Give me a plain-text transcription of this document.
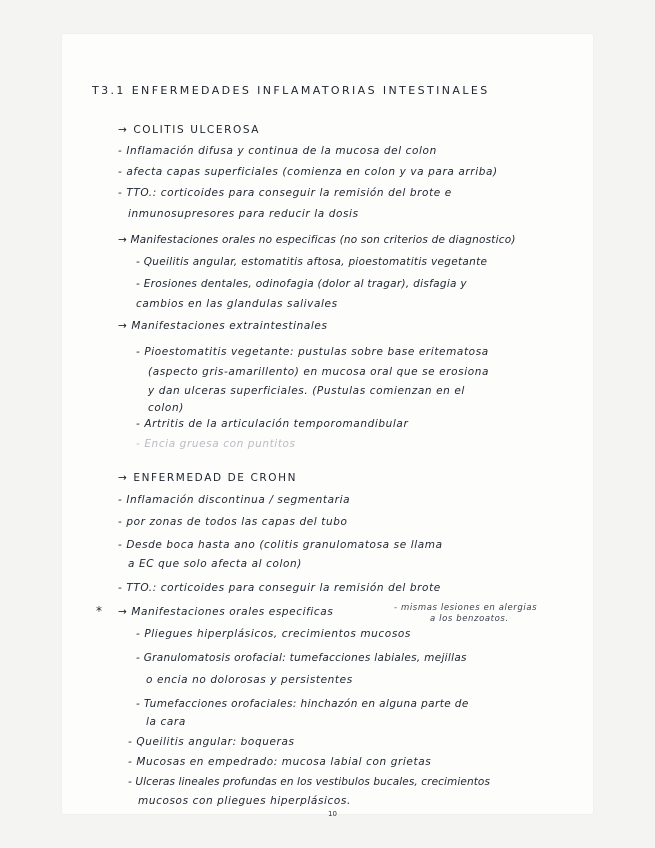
T3.1 ENFERMEDADES INFLAMATORIAS INTESTINALES
→ COLITIS ULCEROSA
- Inflamación difusa y continua de la mucosa del colon
- afecta capas superficiales (comienza en colon y va para arriba)
- TTO.: corticoides para conseguir la remisión del brote e
inmunosupresores para reducir la dosis
→ Manifestaciones orales no especificas (no son criterios de diagnostico)
- Queilitis angular, estomatitis aftosa, pioestomatitis vegetante
- Erosiones dentales, odinofagia (dolor al tragar), disfagia y
cambios en las glandulas salivales
→ Manifestaciones extraintestinales
- Pioestomatitis vegetante: pustulas sobre base eritematosa
(aspecto gris-amarillento) en mucosa oral que se erosiona
y dan ulceras superficiales. (Pustulas comienzan en el
colon)
- Artritis de la articulación temporomandibular
- Encia gruesa con puntitos
→ ENFERMEDAD DE CROHN
- Inflamación discontinua / segmentaria
- por zonas de todos las capas del tubo
- Desde boca hasta ano (colitis granulomatosa se llama
a EC que solo afecta al colon)
- TTO.: corticoides para conseguir la remisión del brote
* → Manifestaciones orales especificas	- mismas lesiones en alergias
a los benzoatos.
- Pliegues hiperplásicos, crecimientos mucosos
- Granulomatosis orofacial: tumefacciones labiales, mejillas
o encia no dolorosas y persistentes
- Tumefacciones orofaciales: hinchazón en alguna parte de
la cara
- Queilitis angular: boqueras
- Mucosas en empedrado: mucosa labial con grietas
- Ulceras lineales profundas en los vestibulos bucales, crecimientos
mucosos con pliegues hiperplásicos.
10
